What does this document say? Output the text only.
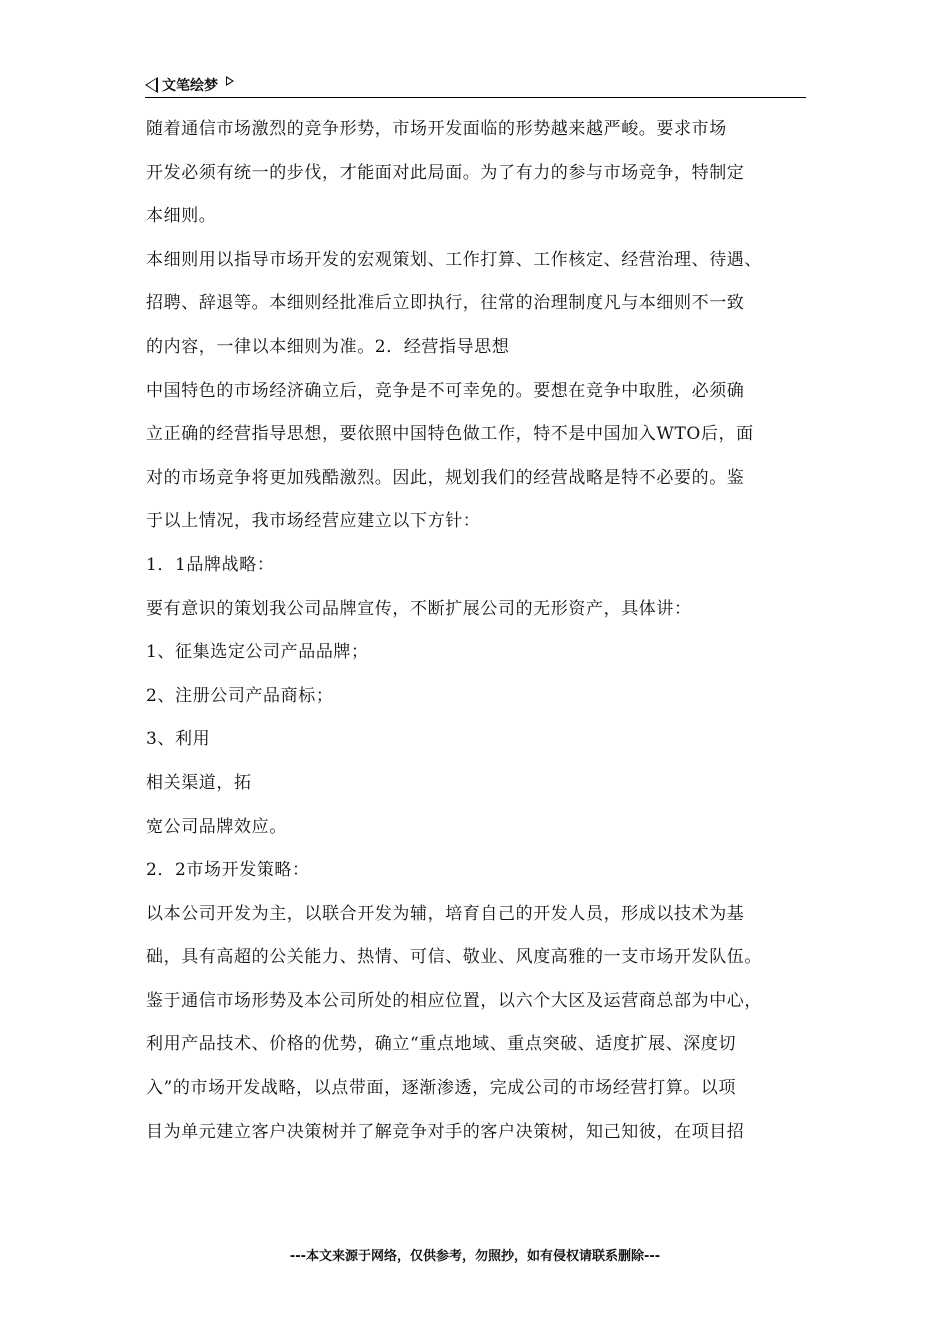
文笔绘梦
随着通信市场激烈的竞争形势，市场开发面临的形势越来越严峻。要求市场
开发必须有统一的步伐，才能面对此局面。为了有力的参与市场竞争，特制定
本细则。
本细则用以指导市场开发的宏观策划、工作打算、工作核定、经营治理、待遇、
招聘、辞退等。本细则经批准后立即执行，往常的治理制度凡与本细则不一致
的内容，一律以本细则为准。2．经营指导思想
中国特色的市场经济确立后，竞争是不可幸免的。要想在竞争中取胜，必须确
立正确的经营指导思想，要依照中国特色做工作，特不是中国加入WTO后，面
对的市场竞争将更加残酷激烈。因此，规划我们的经营战略是特不必要的。鉴
于以上情况，我市场经营应建立以下方针：
1．1品牌战略：
要有意识的策划我公司品牌宣传，不断扩展公司的无形资产，具体讲：
1、征集选定公司产品品牌；
2、注册公司产品商标；
3、利用
相关渠道，拓
宽公司品牌效应。
2．2市场开发策略：
以本公司开发为主，以联合开发为辅，培育自己的开发人员，形成以技术为基
础，具有高超的公关能力、热情、可信、敬业、风度高雅的一支市场开发队伍。
鉴于通信市场形势及本公司所处的相应位置，以六个大区及运营商总部为中心，
利用产品技术、价格的优势，确立“重点地域、重点突破、适度扩展、深度切
入”的市场开发战略，以点带面，逐渐渗透，完成公司的市场经营打算。以项
目为单元建立客户决策树并了解竞争对手的客户决策树，知己知彼，在项目招
---本文来源于网络，仅供参考，勿照抄，如有侵权请联系删除---
